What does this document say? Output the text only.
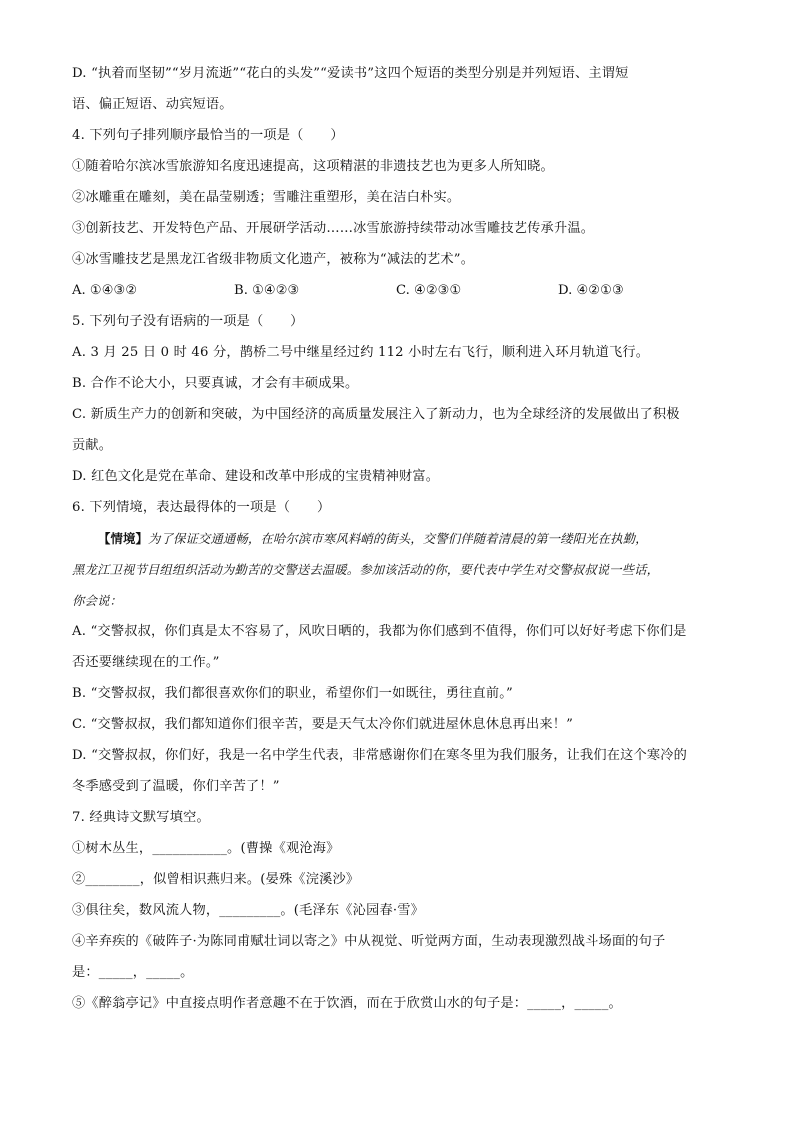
D. “执着而坚韧”“岁月流逝”“花白的头发”“爱读书”这四个短语的类型分别是并列短语、主谓短
语、偏正短语、动宾短语。
4. 下列句子排列顺序最恰当的一项是（　　）
①随着哈尔滨冰雪旅游知名度迅速提高，这项精湛的非遗技艺也为更多人所知晓。
②冰雕重在雕刻，美在晶莹剔透；雪雕注重塑形，美在洁白朴实。
③创新技艺、开发特色产品、开展研学活动……冰雪旅游持续带动冰雪雕技艺传承升温。
④冰雪雕技艺是黑龙江省级非物质文化遗产，被称为“减法的艺术”。
A. ①④③②	B. ①④②③	C. ④②③①	D. ④②①③
5. 下列句子没有语病的一项是（　　）
A. 3 月 25 日 0 时 46 分，鹊桥二号中继星经过约 112 小时左右飞行，顺利进入环月轨道飞行。
B. 合作不论大小，只要真诚，才会有丰硕成果。
C. 新质生产力的创新和突破，为中国经济的高质量发展注入了新动力，也为全球经济的发展做出了积极
贡献。
D. 红色文化是党在革命、建设和改革中形成的宝贵精神财富。
6. 下列情境，表达最得体的一项是（　　）
【情境】为了保证交通通畅，在哈尔滨市寒风料峭的街头，交警们伴随着清晨的第一缕阳光在执勤，
黑龙江卫视节目组组织活动为勤苦的交警送去温暖。参加该活动的你，要代表中学生对交警叔叔说一些话，
你会说：
A. “交警叔叔，你们真是太不容易了，风吹日晒的，我都为你们感到不值得，你们可以好好考虑下你们是
否还要继续现在的工作。”
B. “交警叔叔，我们都很喜欢你们的职业，希望你们一如既往，勇往直前。”
C. “交警叔叔，我们都知道你们很辛苦，要是天气太冷你们就进屋休息休息再出来！”
D. “交警叔叔，你们好，我是一名中学生代表，非常感谢你们在寒冬里为我们服务，让我们在这个寒冷的
冬季感受到了温暖，你们辛苦了！”
7. 经典诗文默写填空。
①树木丛生，___________。(曹操《观沧海》
②________，似曾相识燕归来。(晏殊《浣溪沙》
③俱往矣，数风流人物，_________。(毛泽东《沁园春·雪》
④辛弃疾的《破阵子·为陈同甫赋壮词以寄之》中从视觉、听觉两方面，生动表现激烈战斗场面的句子
是：_____，_____。
⑤《醉翁亭记》中直接点明作者意趣不在于饮酒，而在于欣赏山水的句子是：_____，_____。
